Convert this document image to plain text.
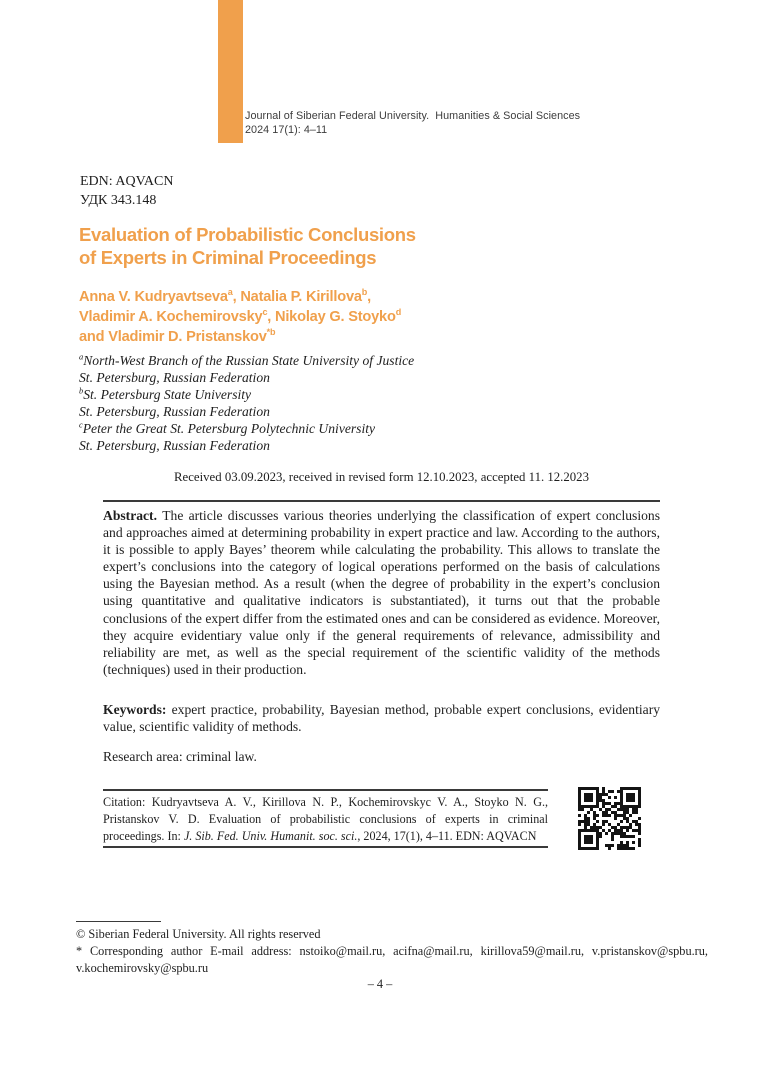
Journal of Siberian Federal University.  Humanities & Social Sciences
2024 17(1): 4–11
EDN: AQVACN
УДК 343.148
Evaluation of Probabilistic Conclusions
of Experts in Criminal Proceedings
Anna V. Kudryavtseva$^a$, Natalia P. Kirillova$^b$,
Vladimir A. Kochemirovsky$^c$, Nikolay G. Stoyko$^d$
and Vladimir D. Pristanskov$^{*b}$
$^a$North-West Branch of the Russian State University of Justice
St. Petersburg, Russian Federation
$^b$St. Petersburg State University
St. Petersburg, Russian Federation
$^c$Peter the Great St. Petersburg Polytechnic University
St. Petersburg, Russian Federation
Received 03.09.2023, received in revised form 12.10.2023, accepted 11. 12.2023

Abstract. The article discusses various theories underlying the classification of expert conclusions and approaches aimed at determining probability in expert practice and law. According to the authors, it is possible to apply Bayes’ theorem while calculating the probability. This allows to translate the expert’s conclusions into the category of logical operations performed on the basis of calculations using the Bayesian method. As a result (when the degree of probability in the expert’s conclusion using quantitative and qualitative indicators is substantiated), it turns out that the probable conclusions of the expert differ from the estimated ones and can be considered as evidence. Moreover, they acquire evidentiary value only if the general requirements of relevance, admissibility and reliability are met, as well as the special requirement of the scientific validity of the methods (techniques) used in their production.

Keywords: expert practice, probability, Bayesian method, probable expert conclusions, evidentiary value, scientific validity of methods.

Research area: criminal law.

Citation: Kudryavtseva A. V., Kirillova N. P., Kochemirovskyc V. A., Stoyko N. G., Pristanskov V. D. Evaluation of probabilistic conclusions of experts in criminal proceedings. In: J. Sib. Fed. Univ. Humanit. soc. sci., 2024, 17(1), 4–11. EDN: AQVACN

© Siberian Federal University. All rights reserved
* Corresponding author E-mail address: nstoiko@mail.ru, acifna@mail.ru, kirillova59@mail.ru, v.pristanskov@spbu.ru, v.kochemirovsky@spbu.ru
– 4 –
